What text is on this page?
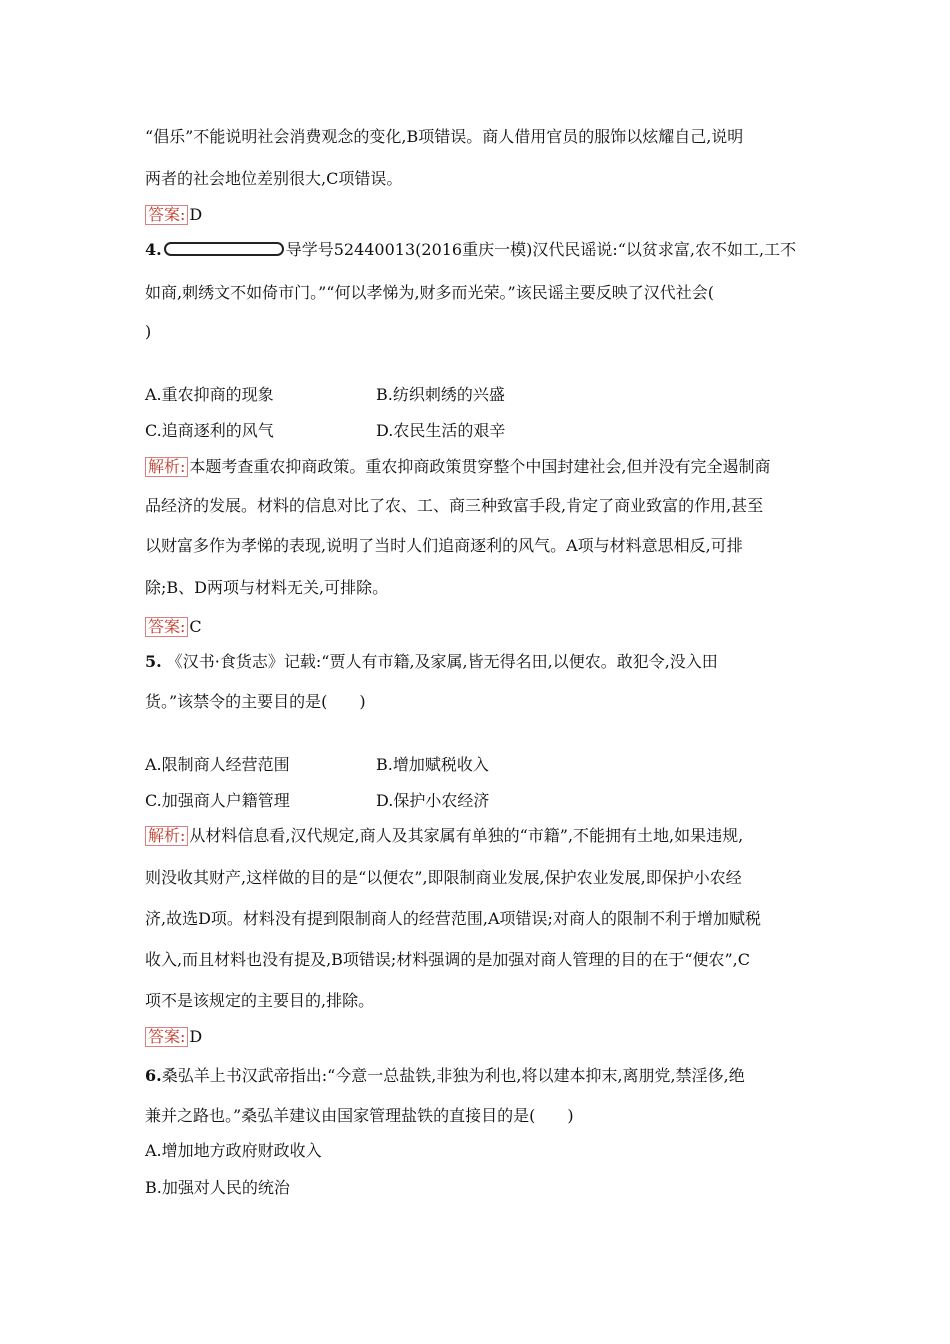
“倡乐”不能说明社会消费观念的变化,B项错误。商人借用官员的服饰以炫耀自己,说明
两者的社会地位差别很大,C项错误。
答案: D
4.	导学号52440013(2016重庆一模)汉代民谣说:“以贫求富,农不如工,工不
如商,刺绣文不如倚市门。”“何以孝悌为,财多而光荣。”该民谣主要反映了汉代社会(
)
A.重农抑商的现象	B.纺织刺绣的兴盛
C.追商逐利的风气	D.农民生活的艰辛
解析: 本题考查重农抑商政策。重农抑商政策贯穿整个中国封建社会,但并没有完全遏制商
品经济的发展。材料的信息对比了农、工、商三种致富手段,肯定了商业致富的作用,甚至
以财富多作为孝悌的表现,说明了当时人们追商逐利的风气。A项与材料意思相反,可排
除;B、D两项与材料无关,可排除。
答案: C
5. 《汉书·食货志》记载:“贾人有市籍,及家属,皆无得名田,以便农。敢犯令,没入田
货。”该禁令的主要目的是(　　)
A.限制商人经营范围	B.增加赋税收入
C.加强商人户籍管理	D.保护小农经济
解析: 从材料信息看,汉代规定,商人及其家属有单独的“市籍”,不能拥有土地,如果违规,
则没收其财产,这样做的目的是“以便农”,即限制商业发展,保护农业发展,即保护小农经
济,故选D项。材料没有提到限制商人的经营范围,A项错误;对商人的限制不利于增加赋税
收入,而且材料也没有提及,B项错误;材料强调的是加强对商人管理的目的在于“便农”,C
项不是该规定的主要目的,排除。
答案: D
6.桑弘羊上书汉武帝指出:“今意一总盐铁,非独为利也,将以建本抑末,离朋党,禁淫侈,绝
兼并之路也。”桑弘羊建议由国家管理盐铁的直接目的是(　　)
A.增加地方政府财政收入
B.加强对人民的统治
